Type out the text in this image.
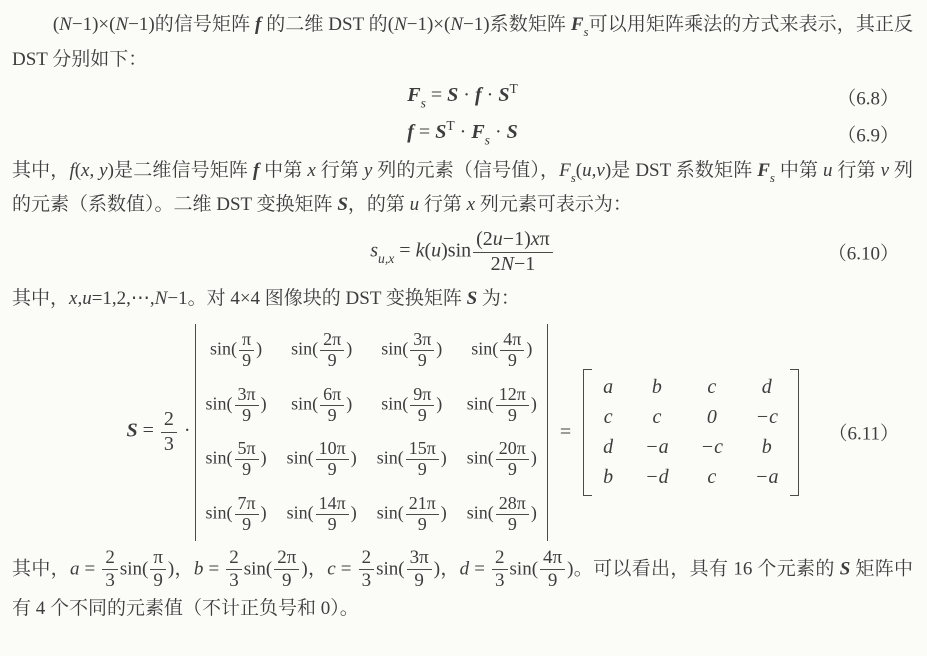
(N−1)×(N−1)的信号矩阵 f 的二维 DST 的(N−1)×(N−1)系数矩阵 $F_s$可以用矩阵乘法的方式来表示，其正反 DST 分别如下：

$F_s = S \cdot f \cdot S^T$	（6.8）
$f = S^T \cdot F_s \cdot S$	（6.9）

其中，f(x, y)是二维信号矩阵 f 中第 x 行第 y 列的元素（信号值），$F_s(u,v)$是 DST 系数矩阵 $F_s$ 中第 u 行第 v 列的元素（系数值）。二维 DST 变换矩阵 S，的第 u 行第 x 列元素可表示为：

$s_{u,x} = k(u)\sin \frac{(2u-1)x\pi}{2N-1}$	（6.10）

其中，x,u=1,2,⋯,N−1。对 4×4 图像块的 DST 变换矩阵 S 为：

$S = \frac{2}{3}$ ·
$\sin( \frac{\pi}{9}$ ) $\sin( \frac{2\pi}{9}$ ) $\sin( \frac{3\pi}{9}$ ) $\sin( \frac{4\pi}{9}$ )
$\sin( \frac{3\pi}{9}$ ) $\sin( \frac{6\pi}{9}$ ) $\sin( \frac{9\pi}{9}$ ) $\sin( \frac{12\pi}{9}$ )
$\sin( \frac{5\pi}{9}$ ) $\sin( \frac{10\pi}{9}$ ) $\sin( \frac{15\pi}{9}$ ) $\sin( \frac{20\pi}{9}$ )
$\sin( \frac{7\pi}{9}$ ) $\sin( \frac{14\pi}{9}$ ) $\sin( \frac{21\pi}{9}$ ) $\sin( \frac{28\pi}{9}$ )
=
a	b	c	d
c	c	0	−c
d −a −c	b
b −d	c	−a
（6.11）

其中，$a = \frac{2}{3} \sin( \frac{\pi}{9}$ )，$b = \frac{2}{3} \sin( \frac{2\pi}{9}$ )，$c = \frac{2}{3} \sin( \frac{3\pi}{9}$ )，$d = \frac{2}{3} \sin( \frac{4\pi}{9}$ )。可以看出，具有 16 个元素的 S 矩阵中有 4 个不同的元素值（不计正负号和 0）。
